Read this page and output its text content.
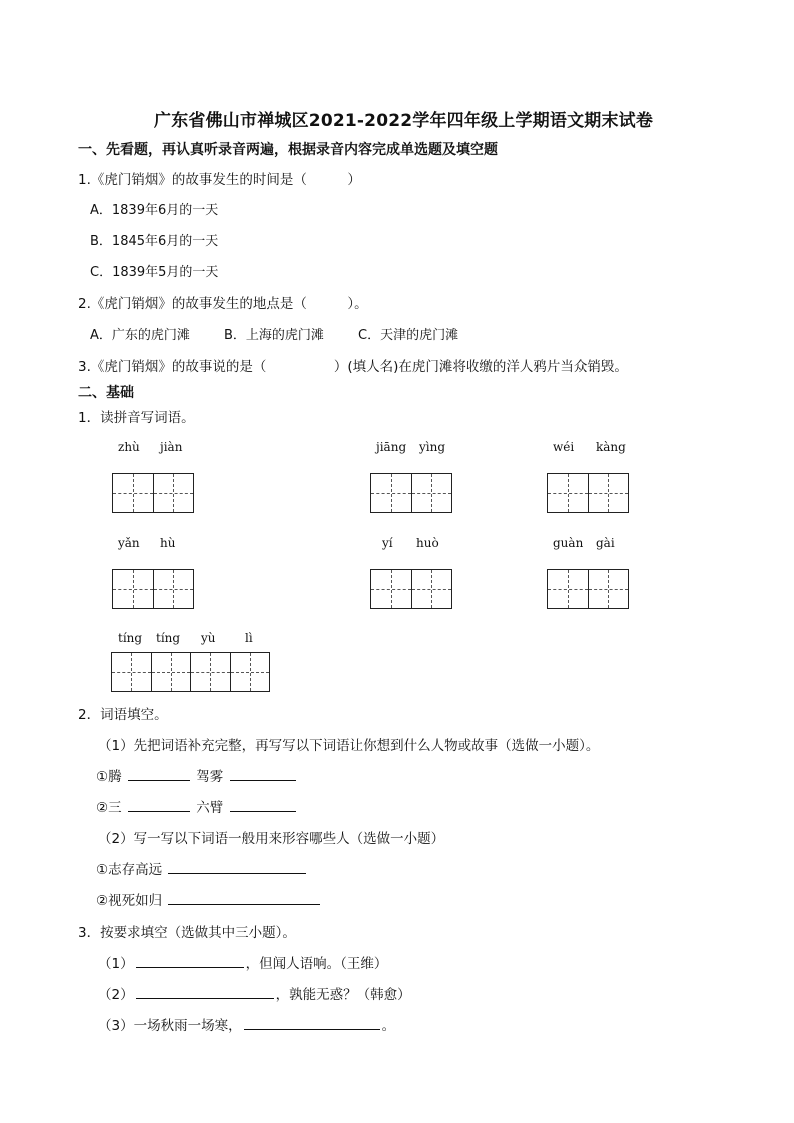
广东省佛山市禅城区2021-2022学年四年级上学期语文期末试卷
一、先看题，再认真听录音两遍，根据录音内容完成单选题及填空题
1.《虎门销烟》的故事发生的时间是（　　　）
A．1839年6月的一天
B．1845年6月的一天
C．1839年5月的一天
2.《虎门销烟》的故事发生的地点是（　　　）。
A．广东的虎门滩	B．上海的虎门滩	C．天津的虎门滩
3.《虎门销烟》的故事说的是（　　　　　）(填人名)在虎门滩将收缴的洋人鸦片当众销毁。
二、基础
1．读拼音写词语。
zhù jiàn	jiāng yìng	wéi kàng
yǎn hù	yí huò	guàn gài
tíng tíng yù lì
2．词语填空。
（1）先把词语补充完整，再写写以下词语让你想到什么人物或故事（选做一小题）。
①腾	驾雾
②三	六臂
（2）写一写以下词语一般用来形容哪些人（选做一小题）
①志存高远
②视死如归
3．按要求填空（选做其中三小题）。
（1）	，但闻人语响。（王维）
（2）	，孰能无惑？（韩愈）
（3）一场秋雨一场寒，	。
